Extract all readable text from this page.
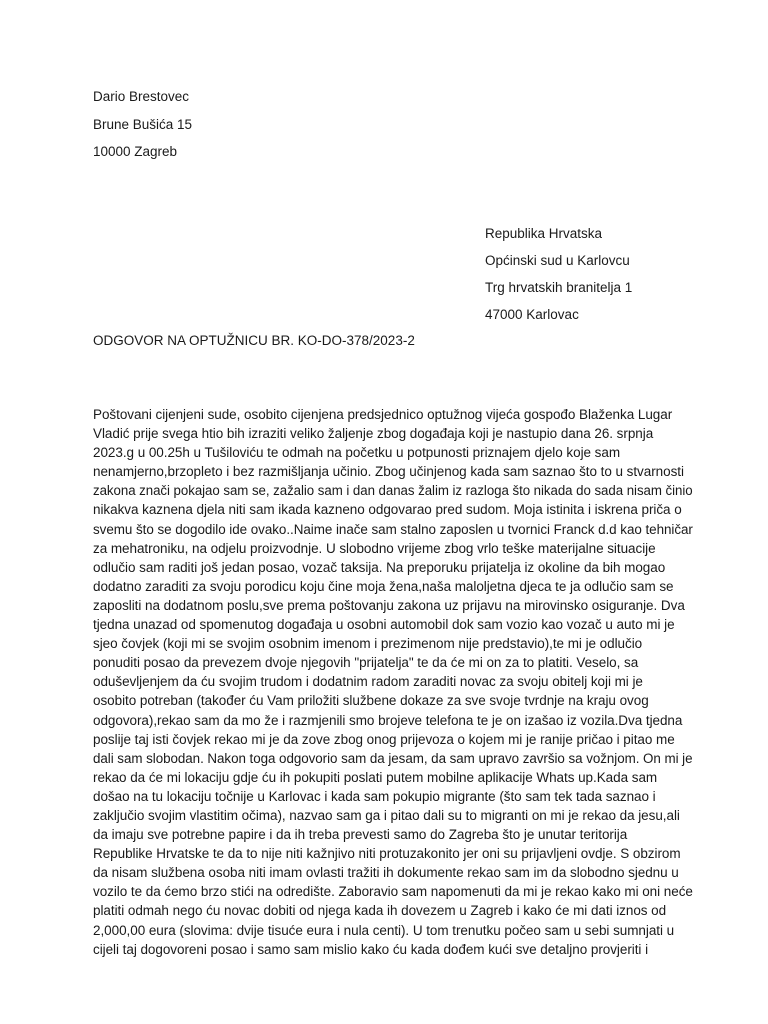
Dario Brestovec
Brune Bušića 15
10000 Zagreb
Republika Hrvatska
Općinski sud u Karlovcu
Trg hrvatskih branitelja 1
47000 Karlovac
ODGOVOR NA OPTUŽNICU BR. KO-DO-378/2023-2
Poštovani cijenjeni sude, osobito cijenjena predsjednico optužnog vijeća gospođo Blaženka Lugar
Vladić prije svega htio bih izraziti veliko žaljenje zbog događaja koji je nastupio dana 26. srpnja
2023.g u 00.25h u Tušiloviću te odmah na početku u potpunosti priznajem djelo koje sam
nenamjerno,brzopleto i bez razmišljanja učinio. Zbog učinjenog kada sam saznao što to u stvarnosti
zakona znači pokajao sam se, zažalio sam i dan danas žalim iz razloga što nikada do sada nisam činio
nikakva kaznena djela niti sam ikada kazneno odgovarao pred sudom. Moja istinita i iskrena priča o
svemu što se dogodilo ide ovako..Naime inače sam stalno zaposlen u tvornici Franck d.d kao tehničar
za mehatroniku, na odjelu proizvodnje. U slobodno vrijeme zbog vrlo teške materijalne situacije
odlučio sam raditi još jedan posao, vozač taksija. Na preporuku prijatelja iz okoline da bih mogao
dodatno zaraditi za svoju porodicu koju čine moja žena,naša maloljetna djeca te ja odlučio sam se
zaposliti na dodatnom poslu,sve prema poštovanju zakona uz prijavu na mirovinsko osiguranje. Dva
tjedna unazad od spomenutog događaja u osobni automobil dok sam vozio kao vozač u auto mi je
sjeo čovjek (koji mi se svojim osobnim imenom i prezimenom nije predstavio),te mi je odlučio
ponuditi posao da prevezem dvoje njegovih "prijatelja" te da će mi on za to platiti. Veselo, sa
oduševljenjem da ću svojim trudom i dodatnim radom zaraditi novac za svoju obitelj koji mi je
osobito potreban (također ću Vam priložiti službene dokaze za sve svoje tvrdnje na kraju ovog
odgovora),rekao sam da mo že i razmjenili smo brojeve telefona te je on izašao iz vozila.Dva tjedna
poslije taj isti čovjek rekao mi je da zove zbog onog prijevoza o kojem mi je ranije pričao i pitao me
dali sam slobodan. Nakon toga odgovorio sam da jesam, da sam upravo završio sa vožnjom. On mi je
rekao da će mi lokaciju gdje ću ih pokupiti poslati putem mobilne aplikacije Whats up.Kada sam
došao na tu lokaciju točnije u Karlovac i kada sam pokupio migrante (što sam tek tada saznao i
zaključio svojim vlastitim očima), nazvao sam ga i pitao dali su to migranti on mi je rekao da jesu,ali
da imaju sve potrebne papire i da ih treba prevesti samo do Zagreba što je unutar teritorija
Republike Hrvatske te da to nije niti kažnjivo niti protuzakonito jer oni su prijavljeni ovdje. S obzirom
da nisam službena osoba niti imam ovlasti tražiti ih dokumente rekao sam im da slobodno sjednu u
vozilo te da ćemo brzo stići na odredište. Zaboravio sam napomenuti da mi je rekao kako mi oni neće
platiti odmah nego ću novac dobiti od njega kada ih dovezem u Zagreb i kako će mi dati iznos od
2,000,00 eura (slovima: dvije tisuće eura i nula centi). U tom trenutku počeo sam u sebi sumnjati u
cijeli taj dogovoreni posao i samo sam mislio kako ću kada dođem kući sve detaljno provjeriti i
